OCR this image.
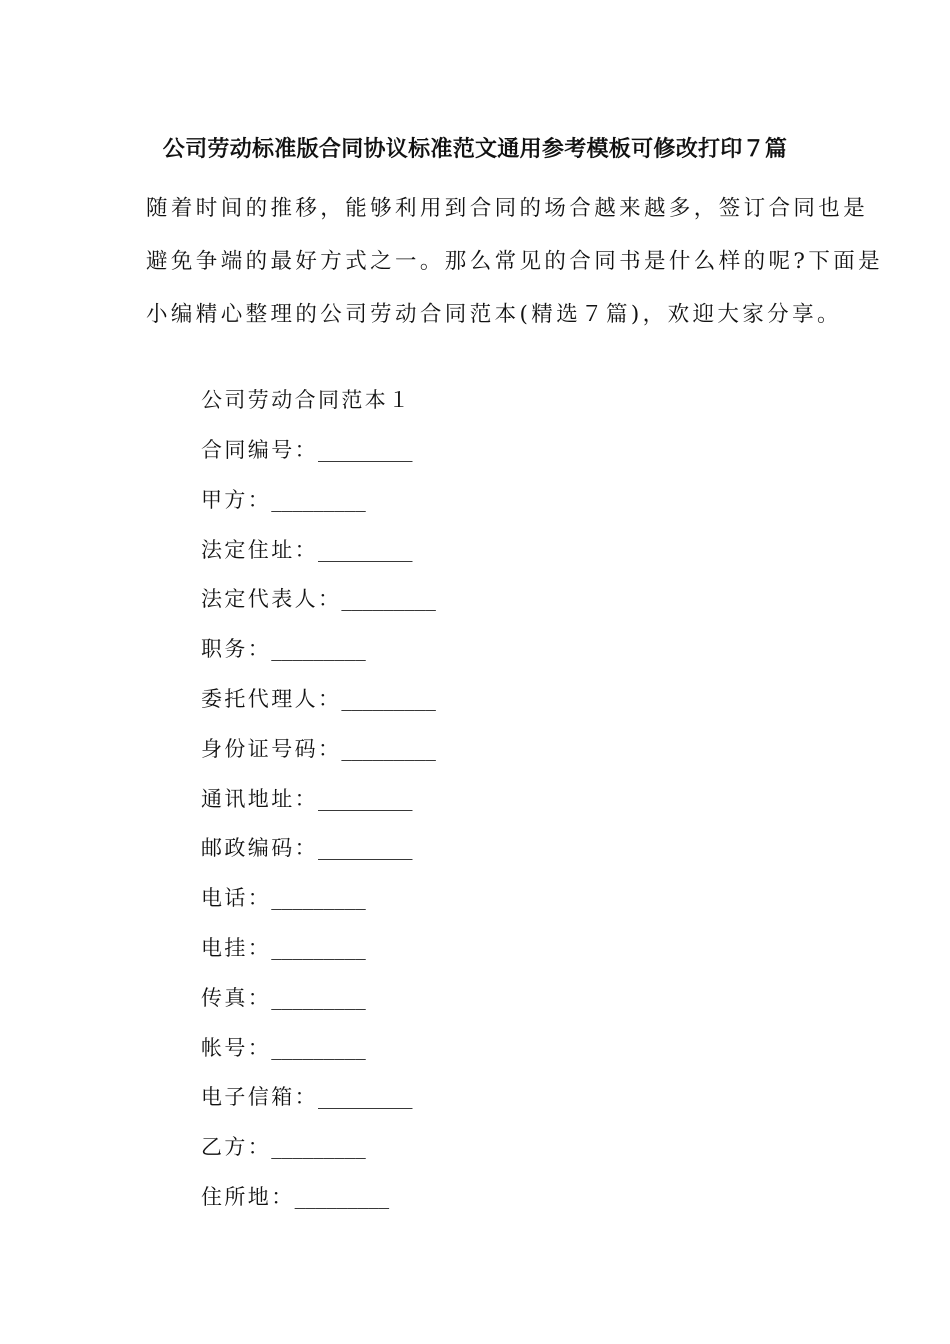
公司劳动标准版合同协议标准范文通用参考模板可修改打印７篇

随着时间的推移，能够利用到合同的场合越来越多，签订合同也是

避免争端的最好方式之一。那么常见的合同书是什么样的呢?下面是

小编精心整理的公司劳动合同范本(精选７篇)，欢迎大家分享。

公司劳动合同范本１
合同编号：_________
甲方：_________
法定住址：_________
法定代表人：_________
职务：_________
委托代理人：_________
身份证号码：_________
通讯地址：_________
邮政编码：_________
电话：_________
电挂：_________
传真：_________
帐号：_________
电子信箱：_________
乙方：_________
住所地：_________
